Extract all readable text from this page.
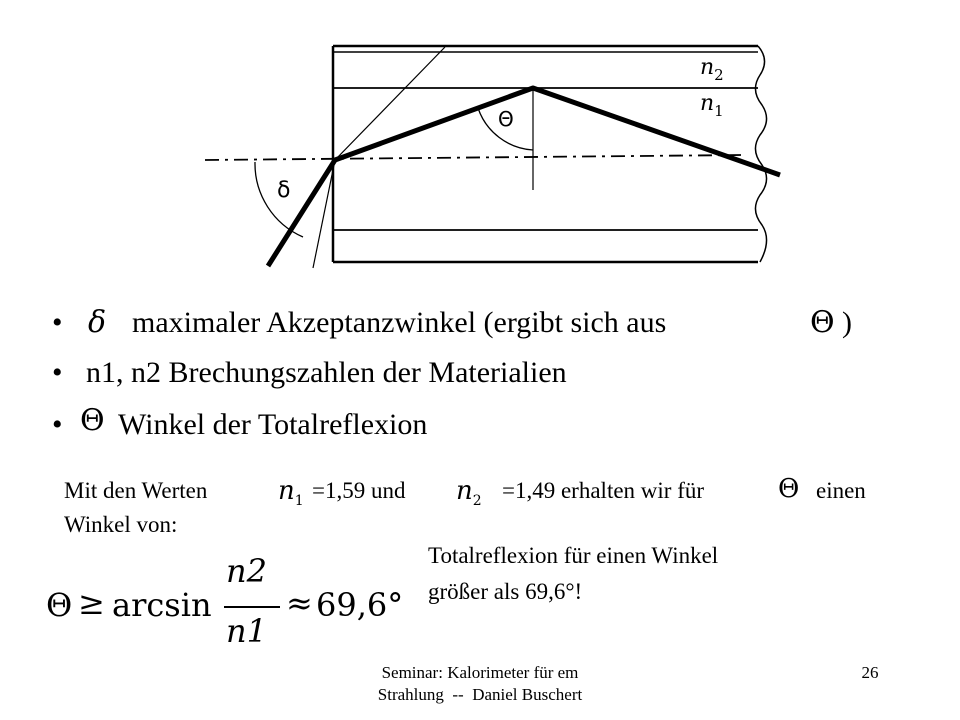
$n_2$
$n_1$
Θ
δ
• δ maximaler Akzeptanzwinkel (ergibt sich aus	Θ )
• n1, n2 Brechungszahlen der Materialien
• Θ Winkel der Totalreflexion
Mit den Werten	$n_1 =1,59$ und $n_2 =1,49$ erhalten wir für	Θ einen
Winkel von:
Θ ≥ arcsin
n2
n1
≈ 69,6°
Totalreflexion für einen Winkel
größer als 69,6°!
Seminar: Kalorimeter für em
Strahlung  --  Daniel Buschert
26
